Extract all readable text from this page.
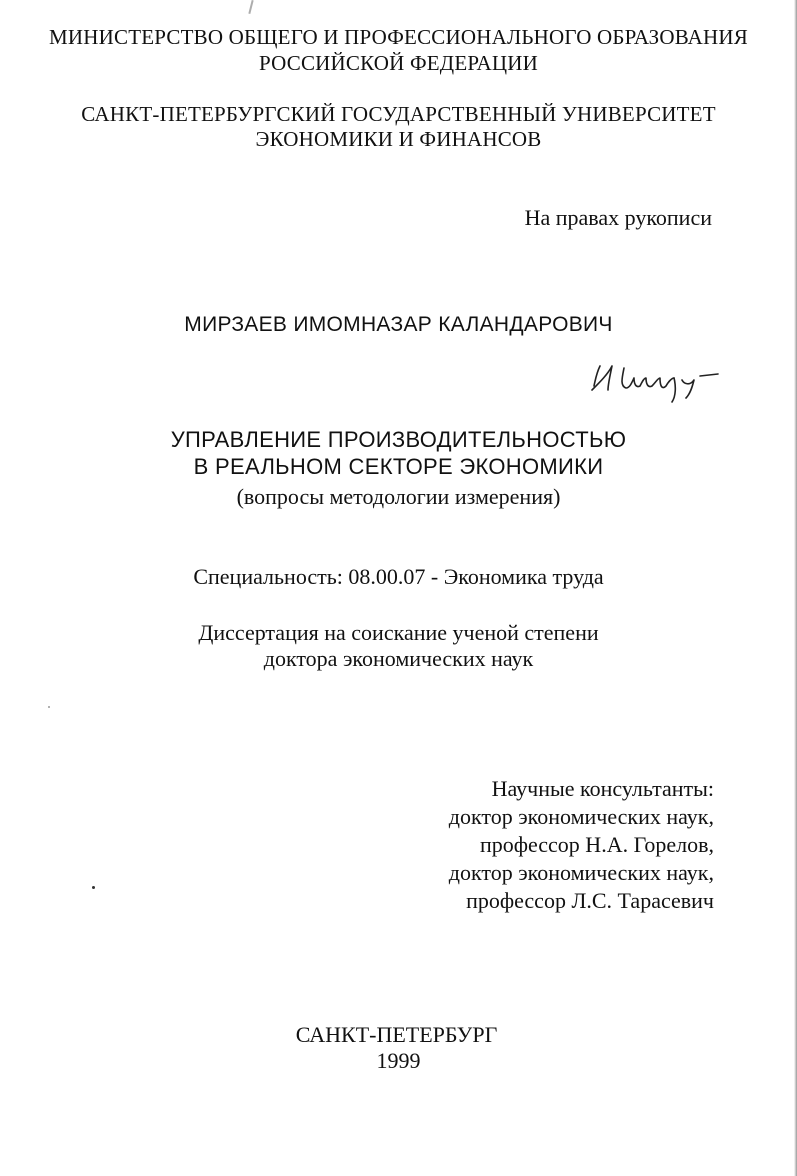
МИНИСТЕРСТВО ОБЩЕГО И ПРОФЕССИОНАЛЬНОГО ОБРАЗОВАНИЯ
РОССИЙСКОЙ ФЕДЕРАЦИИ
САНКТ-ПЕТЕРБУРГСКИЙ ГОСУДАРСТВЕННЫЙ УНИВЕРСИТЕТ
ЭКОНОМИКИ И ФИНАНСОВ
На правах рукописи
МИРЗАЕВ ИМОМНАЗАР КАЛАНДАРОВИЧ
УПРАВЛЕНИЕ ПРОИЗВОДИТЕЛЬНОСТЬЮ
В РЕАЛЬНОМ СЕКТОРЕ ЭКОНОМИКИ
(вопросы методологии измерения)
Специальность: 08.00.07 - Экономика труда
Диссертация на соискание ученой степени
доктора экономических наук
Научные консультанты:
доктор экономических наук,
профессор Н.А. Горелов,
доктор экономических наук,
профессор Л.С. Тарасевич
САНКТ-ПЕТЕРБУРГ
1999
